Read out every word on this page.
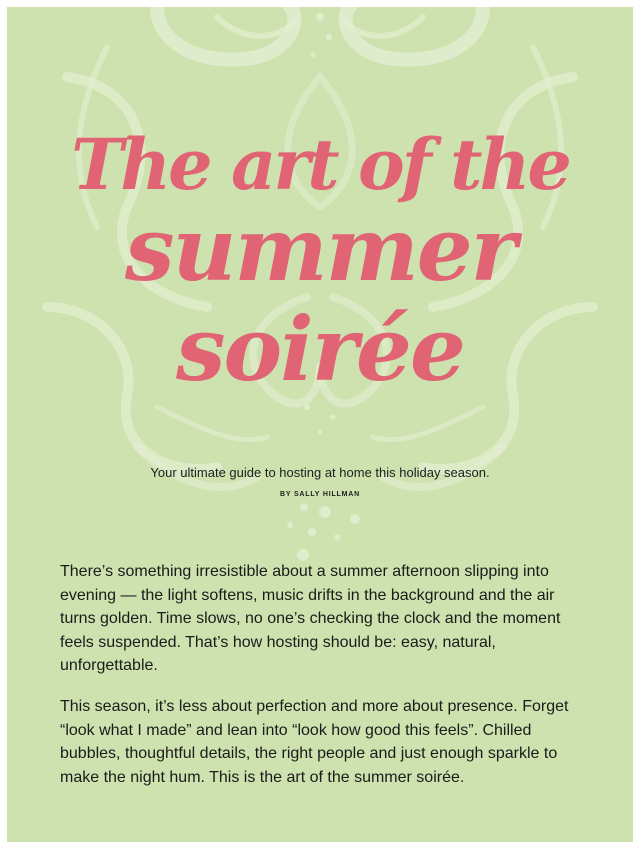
The art of the
summer
soirée

Your ultimate guide to hosting at home this holiday season.

BY SALLY HILLMAN

There’s something irresistible about a summer afternoon slipping into evening — the light softens, music drifts in the background and the air turns golden. Time slows, no one’s checking the clock and the moment feels suspended. That’s how hosting should be: easy, natural, unforgettable.

This season, it’s less about perfection and more about presence. Forget “look what I made” and lean into “look how good this feels”. Chilled bubbles, thoughtful details, the right people and just enough sparkle to make the night hum. This is the art of the summer soirée.
